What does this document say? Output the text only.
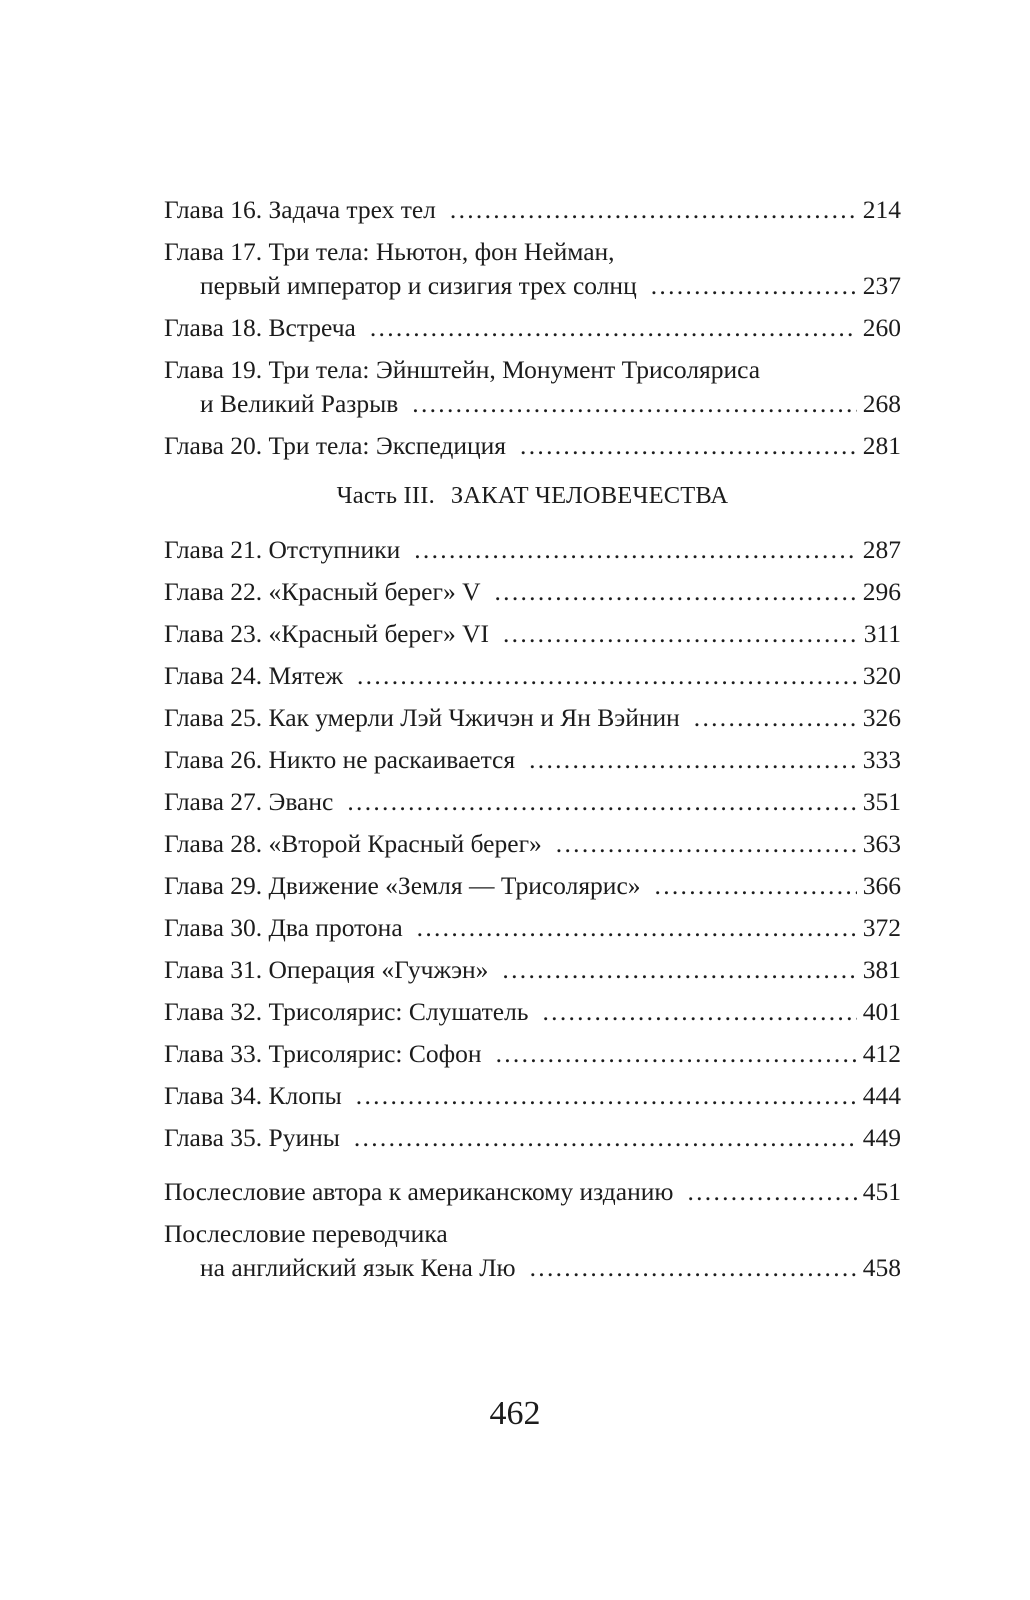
Глава 16. Задача трех тел .....	214
Глава 17. Три тела: Ньютон, фон Нейман,
первый император и сизигия трех солнц .....	237
Глава 18. Встреча .....	260
Глава 19. Три тела: Эйнштейн, Монумент Трисоляриса
и Великий Разрыв .....	268
Глава 20. Три тела: Экспедиция .....	281
Часть III. ЗАКАТ ЧЕЛОВЕЧЕСТВА
Глава 21. Отступники .....	287
Глава 22. «Красный берег» V .....	296
Глава 23. «Красный берег» VI .....	311
Глава 24. Мятеж .....	320
Глава 25. Как умерли Лэй Чжичэн и Ян Вэйнин .....	326
Глава 26. Никто не раскаивается .....	333
Глава 27. Эванс .....	351
Глава 28. «Второй Красный берег» .....	363
Глава 29. Движение «Земля — Трисолярис» .....	366
Глава 30. Два протона .....	372
Глава 31. Операция «Гучжэн» .....	381
Глава 32. Трисолярис: Слушатель .....	401
Глава 33. Трисолярис: Софон .....	412
Глава 34. Клопы .....	444
Глава 35. Руины .....	449
Послесловие автора к американскому изданию .....	451
Послесловие переводчика
на английский язык Кена Лю .....	458
462
